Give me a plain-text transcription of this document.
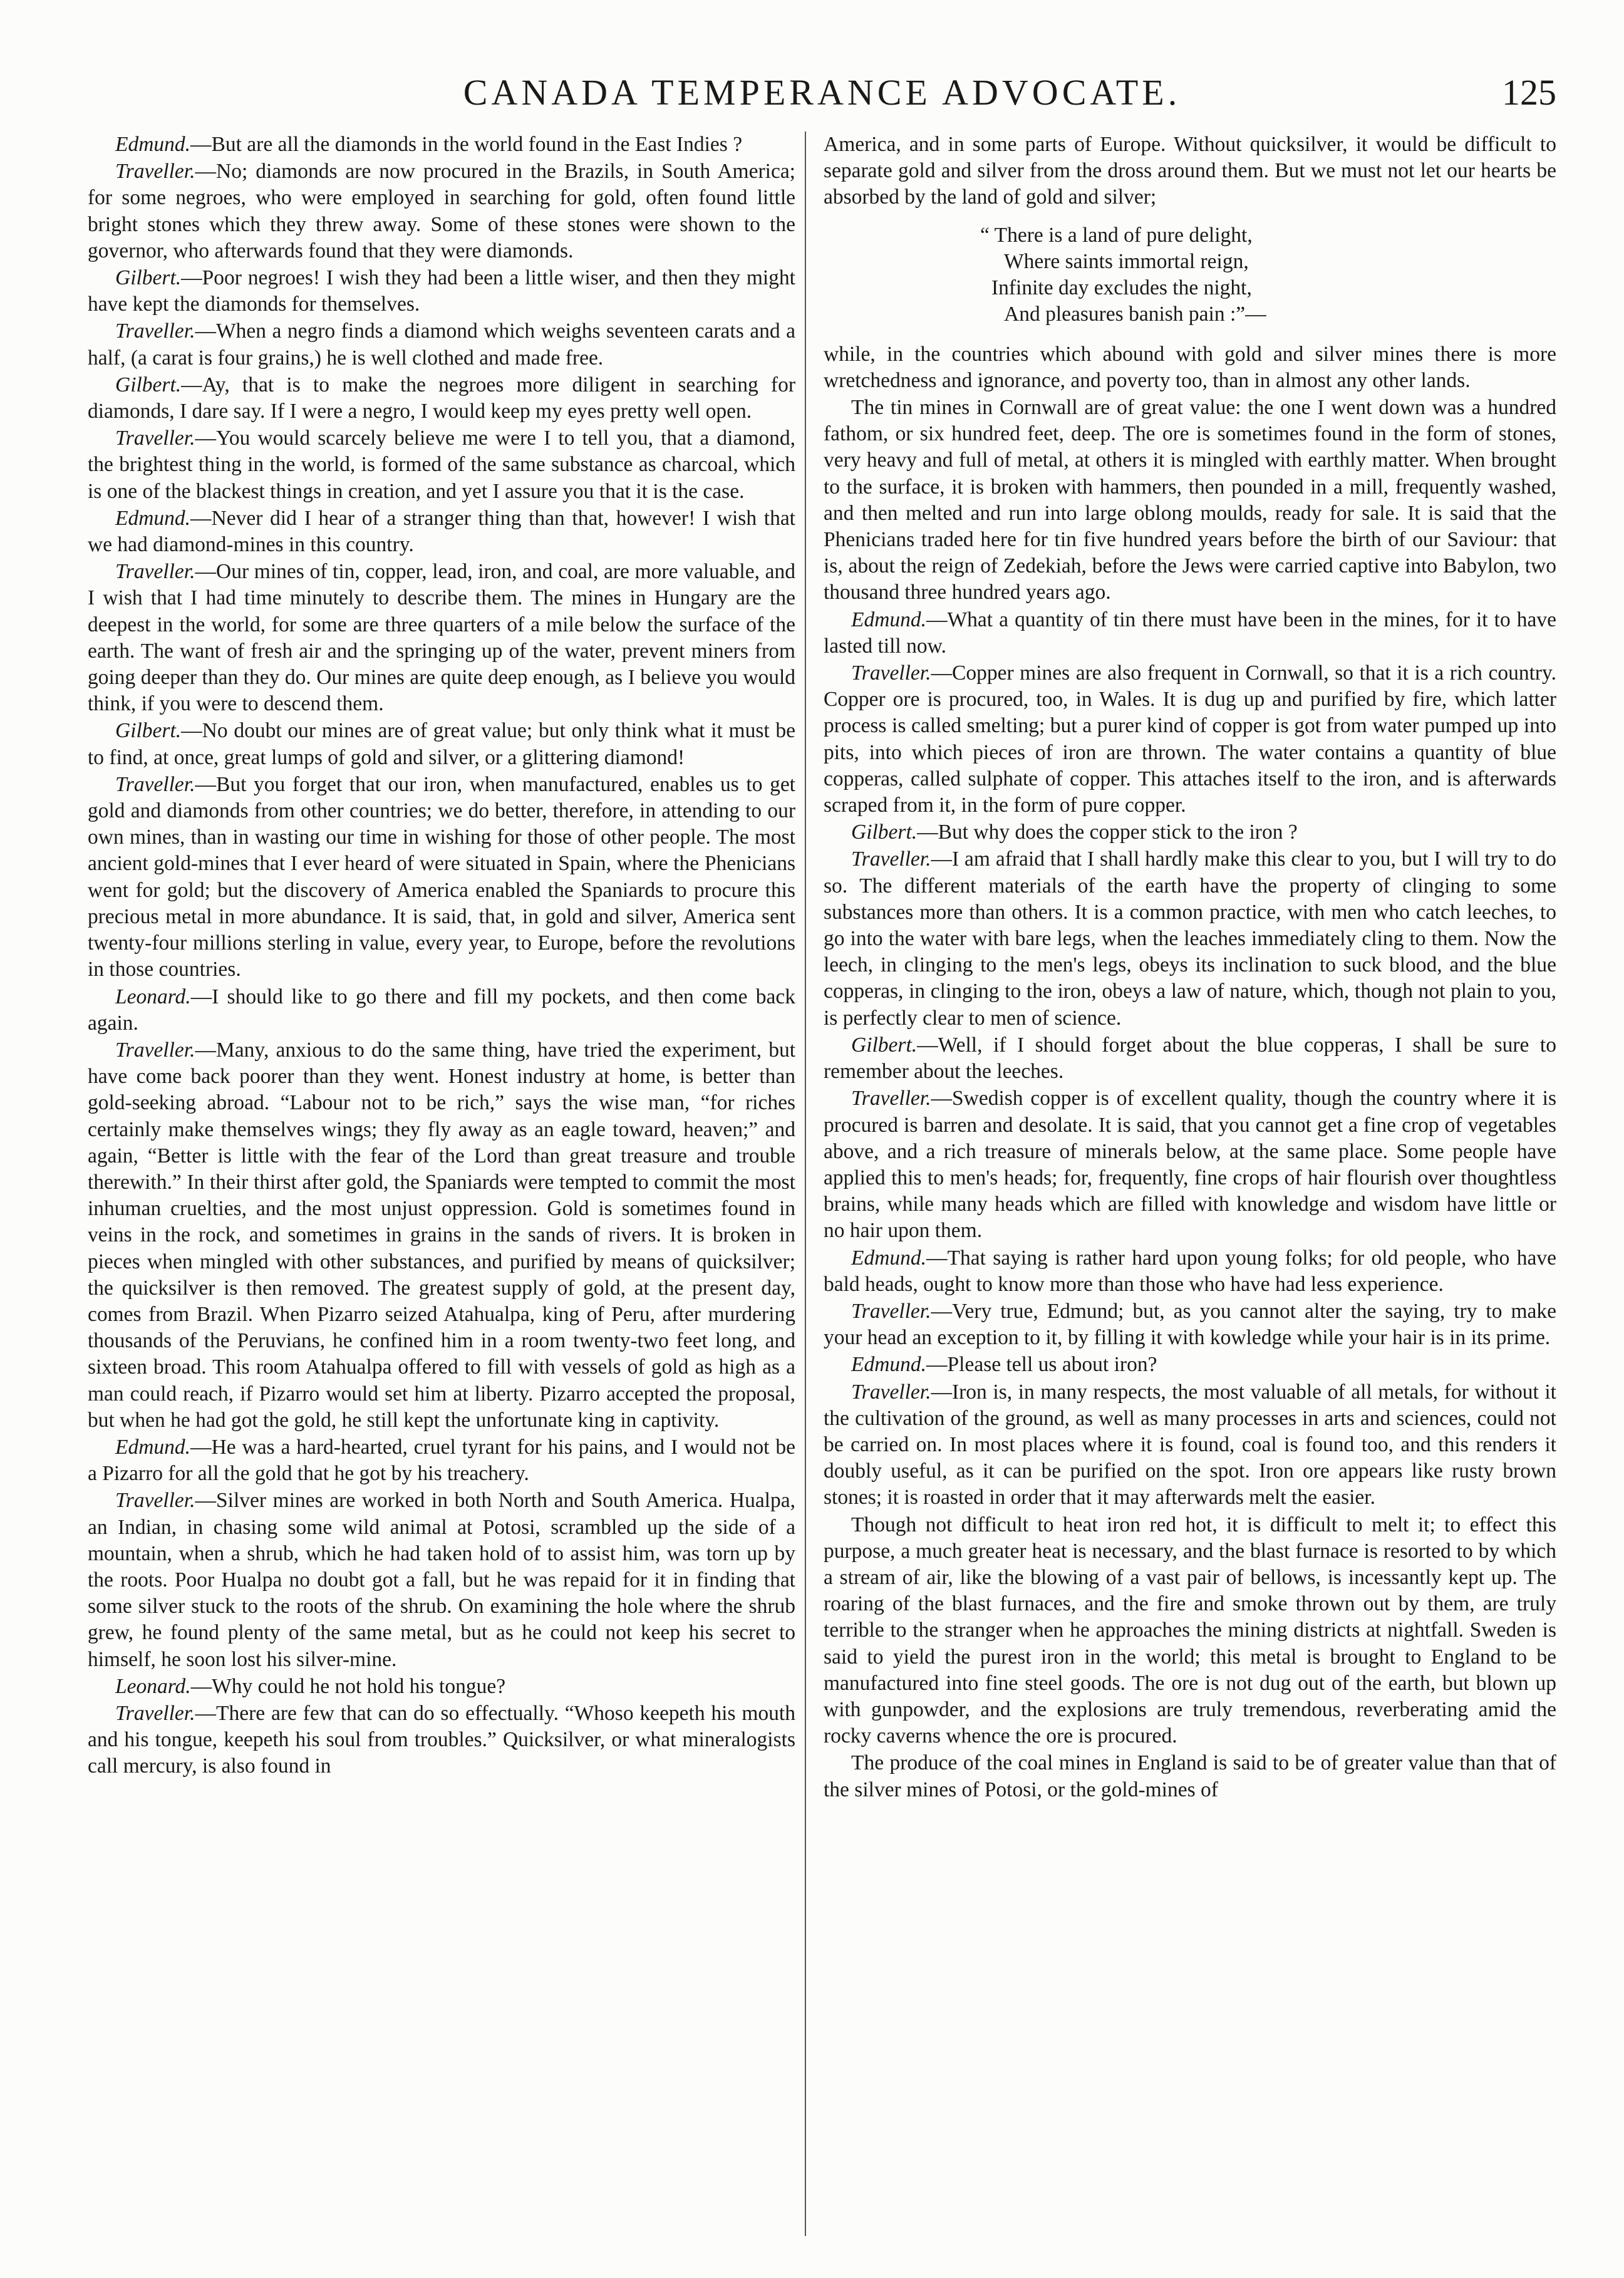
CANADA TEMPERANCE ADVOCATE.	125

Edmund.—But are all the diamonds in the world found in the East Indies ?

Traveller.—No; diamonds are now procured in the Brazils, in South America; for some negroes, who were employed in searching for gold, often found little bright stones which they threw away. Some of these stones were shown to the governor, who afterwards found that they were diamonds.

Gilbert.—Poor negroes! I wish they had been a little wiser, and then they might have kept the diamonds for themselves.

Traveller.—When a negro finds a diamond which weighs seventeen carats and a half, (a carat is four grains,) he is well clothed and made free.

Gilbert.—Ay, that is to make the negroes more diligent in searching for diamonds, I dare say. If I were a negro, I would keep my eyes pretty well open.

Traveller.—You would scarcely believe me were I to tell you, that a diamond, the brightest thing in the world, is formed of the same substance as charcoal, which is one of the blackest things in creation, and yet I assure you that it is the case.

Edmund.—Never did I hear of a stranger thing than that, however! I wish that we had diamond-mines in this country.

Traveller.—Our mines of tin, copper, lead, iron, and coal, are more valuable, and I wish that I had time minutely to describe them. The mines in Hungary are the deepest in the world, for some are three quarters of a mile below the surface of the earth. The want of fresh air and the springing up of the water, prevent miners from going deeper than they do. Our mines are quite deep enough, as I believe you would think, if you were to descend them.

Gilbert.—No doubt our mines are of great value; but only think what it must be to find, at once, great lumps of gold and silver, or a glittering diamond!

Traveller.—But you forget that our iron, when manufactured, enables us to get gold and diamonds from other countries; we do better, therefore, in attending to our own mines, than in wasting our time in wishing for those of other people. The most ancient gold-mines that I ever heard of were situated in Spain, where the Phenicians went for gold; but the discovery of America enabled the Spaniards to procure this precious metal in more abundance. It is said, that, in gold and silver, America sent twenty-four millions sterling in value, every year, to Europe, before the revolutions in those countries.

Leonard.—I should like to go there and fill my pockets, and then come back again.

Traveller.—Many, anxious to do the same thing, have tried the experiment, but have come back poorer than they went. Honest industry at home, is better than gold-seeking abroad. “Labour not to be rich,” says the wise man, “for riches certainly make themselves wings; they fly away as an eagle toward, heaven;” and again, “Better is little with the fear of the Lord than great treasure and trouble therewith.” In their thirst after gold, the Spaniards were tempted to commit the most inhuman cruelties, and the most unjust oppression. Gold is sometimes found in veins in the rock, and sometimes in grains in the sands of rivers. It is broken in pieces when mingled with other substances, and purified by means of quicksilver; the quicksilver is then removed. The greatest supply of gold, at the present day, comes from Brazil. When Pizarro seized Atahualpa, king of Peru, after murdering thousands of the Peruvians, he confined him in a room twenty-two feet long, and sixteen broad. This room Atahualpa offered to fill with vessels of gold as high as a man could reach, if Pizarro would set him at liberty. Pizarro accepted the proposal, but when he had got the gold, he still kept the unfortunate king in captivity.

Edmund.—He was a hard-hearted, cruel tyrant for his pains, and I would not be a Pizarro for all the gold that he got by his treachery.

Traveller.—Silver mines are worked in both North and South America. Hualpa, an Indian, in chasing some wild animal at Potosi, scrambled up the side of a mountain, when a shrub, which he had taken hold of to assist him, was torn up by the roots. Poor Hualpa no doubt got a fall, but he was repaid for it in finding that some silver stuck to the roots of the shrub. On examining the hole where the shrub grew, he found plenty of the same metal, but as he could not keep his secret to himself, he soon lost his silver-mine.

Leonard.—Why could he not hold his tongue?

Traveller.—There are few that can do so effectually. “Whoso keepeth his mouth and his tongue, keepeth his soul from troubles.” Quicksilver, or what mineralogists call mercury, is also found in

America, and in some parts of Europe. Without quicksilver, it would be difficult to separate gold and silver from the dross around them. But we must not let our hearts be absorbed by the land of gold and silver;

“ There is a land of pure delight,
Where saints immortal reign,
Infinite day excludes the night,
And pleasures banish pain :”—

while, in the countries which abound with gold and silver mines there is more wretchedness and ignorance, and poverty too, than in almost any other lands.

The tin mines in Cornwall are of great value: the one I went down was a hundred fathom, or six hundred feet, deep. The ore is sometimes found in the form of stones, very heavy and full of metal, at others it is mingled with earthly matter. When brought to the surface, it is broken with hammers, then pounded in a mill, frequently washed, and then melted and run into large oblong moulds, ready for sale. It is said that the Phenicians traded here for tin five hundred years before the birth of our Saviour: that is, about the reign of Zedekiah, before the Jews were carried captive into Babylon, two thousand three hundred years ago.

Edmund.—What a quantity of tin there must have been in the mines, for it to have lasted till now.

Traveller.—Copper mines are also frequent in Cornwall, so that it is a rich country. Copper ore is procured, too, in Wales. It is dug up and purified by fire, which latter process is called smelting; but a purer kind of copper is got from water pumped up into pits, into which pieces of iron are thrown. The water contains a quantity of blue copperas, called sulphate of copper. This attaches itself to the iron, and is afterwards scraped from it, in the form of pure copper.

Gilbert.—But why does the copper stick to the iron ?

Traveller.—I am afraid that I shall hardly make this clear to you, but I will try to do so. The different materials of the earth have the property of clinging to some substances more than others. It is a common practice, with men who catch leeches, to go into the water with bare legs, when the leaches immediately cling to them. Now the leech, in clinging to the men's legs, obeys its inclination to suck blood, and the blue copperas, in clinging to the iron, obeys a law of nature, which, though not plain to you, is perfectly clear to men of science.

Gilbert.—Well, if I should forget about the blue copperas, I shall be sure to remember about the leeches.

Traveller.—Swedish copper is of excellent quality, though the country where it is procured is barren and desolate. It is said, that you cannot get a fine crop of vegetables above, and a rich treasure of minerals below, at the same place. Some people have applied this to men's heads; for, frequently, fine crops of hair flourish over thoughtless brains, while many heads which are filled with knowledge and wisdom have little or no hair upon them.

Edmund.—That saying is rather hard upon young folks; for old people, who have bald heads, ought to know more than those who have had less experience.

Traveller.—Very true, Edmund; but, as you cannot alter the saying, try to make your head an exception to it, by filling it with kowledge while your hair is in its prime.

Edmund.—Please tell us about iron?

Traveller.—Iron is, in many respects, the most valuable of all metals, for without it the cultivation of the ground, as well as many processes in arts and sciences, could not be carried on. In most places where it is found, coal is found too, and this renders it doubly useful, as it can be purified on the spot. Iron ore appears like rusty brown stones; it is roasted in order that it may afterwards melt the easier.

Though not difficult to heat iron red hot, it is difficult to melt it; to effect this purpose, a much greater heat is necessary, and the blast furnace is resorted to by which a stream of air, like the blowing of a vast pair of bellows, is incessantly kept up. The roaring of the blast furnaces, and the fire and smoke thrown out by them, are truly terrible to the stranger when he approaches the mining districts at nightfall. Sweden is said to yield the purest iron in the world; this metal is brought to England to be manufactured into fine steel goods. The ore is not dug out of the earth, but blown up with gunpowder, and the explosions are truly tremendous, reverberating amid the rocky caverns whence the ore is procured.

The produce of the coal mines in England is said to be of greater value than that of the silver mines of Potosi, or the gold-mines of
